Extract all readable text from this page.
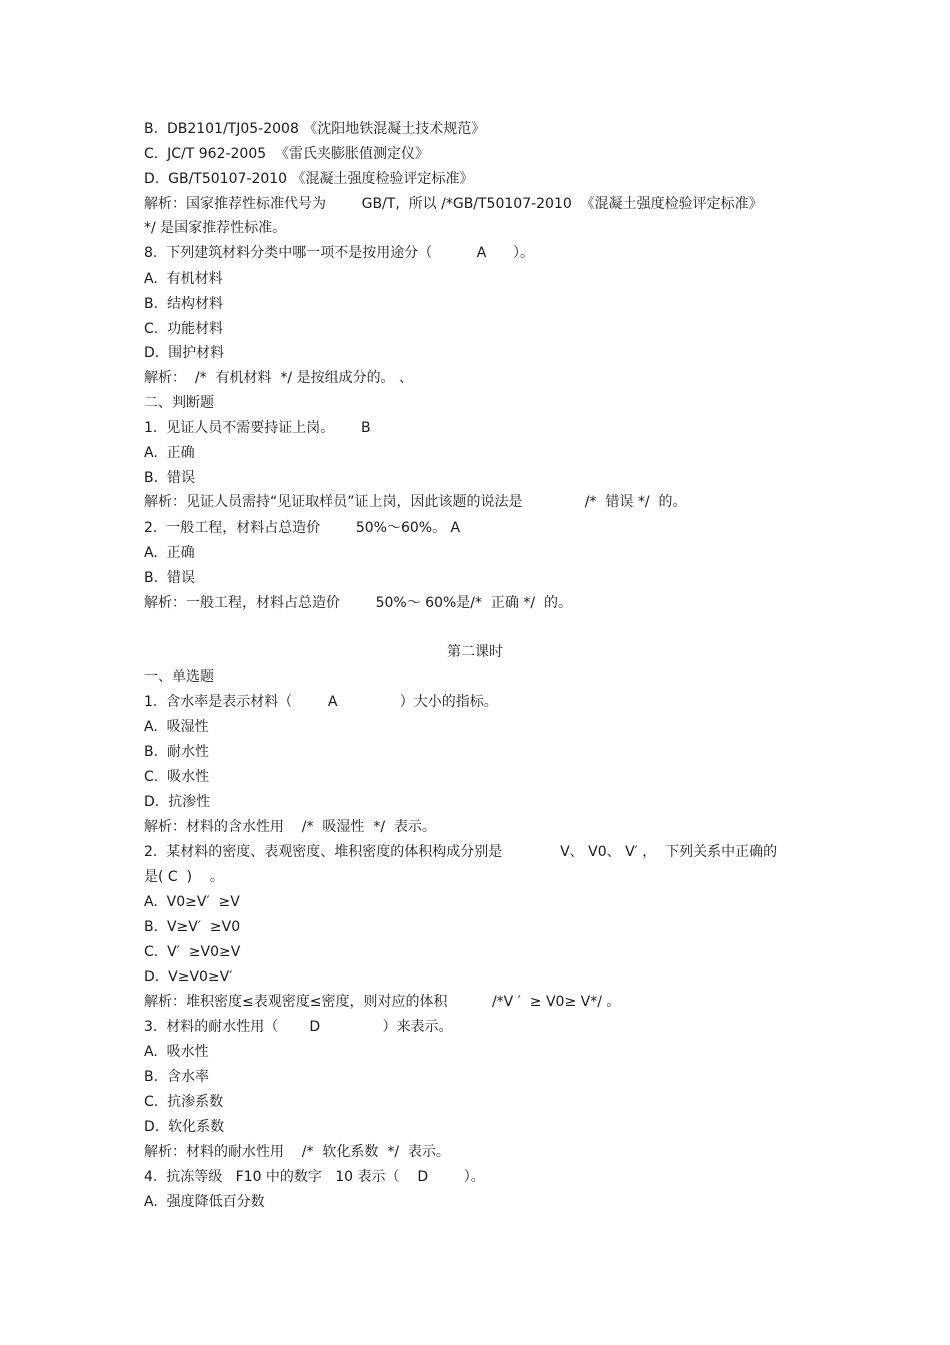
B.  DB2101/TJ05-2008 《沈阳地铁混凝土技术规范》
C.  JC/T 962-2005  《雷氏夹膨胀值测定仪》
D.  GB/T50107-2010 《混凝土强度检验评定标准》
解析：国家推荐性标准代号为        GB/T,  所以 /*GB/T50107-2010  《混凝土强度检验评定标准》
*/ 是国家推荐性标准。
8.  下列建筑材料分类中哪一项不是按用途分（          A      ）。
A.  有机材料
B.  结构材料
C.  功能材料
D.  围护材料
解析：  /*  有机材料  */ 是按组成分的。 、
二、判断题
1.  见证人员不需要持证上岗。      B
A.  正确
B.  错误
解析：见证人员需持“见证取样员”证上岗，因此该题的说法是              /*  错误 */  的。
2.  一般工程，材料占总造价        50%～60%。 A
A.  正确
B.  错误
解析：一般工程，材料占总造价        50%～ 60%是/*  正确 */  的。
第二课时
一、单选题
1.  含水率是表示材料（        A              ）大小的指标。
A.  吸湿性
B.  耐水性
C.  吸水性
D.  抗渗性
解析：材料的含水性用    /*  吸湿性  */  表示。
2.  某材料的密度、表观密度、堆积密度的体积构成分别是             V、 V0、 V′ ，  下列关系中正确的
是( C  )    。
A.  V0≥V′  ≥V
B.  V≥V′  ≥V0
C.  V′  ≥V0≥V
D.  V≥V0≥V′
解析：堆积密度≤表观密度≤密度，则对应的体积          /*V ′  ≥ V0≥ V*/ 。
3.  材料的耐水性用（       D              ）来表示。
A.  吸水性
B.  含水率
C.  抗渗系数
D.  软化系数
解析：材料的耐水性用    /*  软化系数  */  表示。
4.  抗冻等级   F10 中的数字   10 表示（    D        ）。
A.  强度降低百分数
